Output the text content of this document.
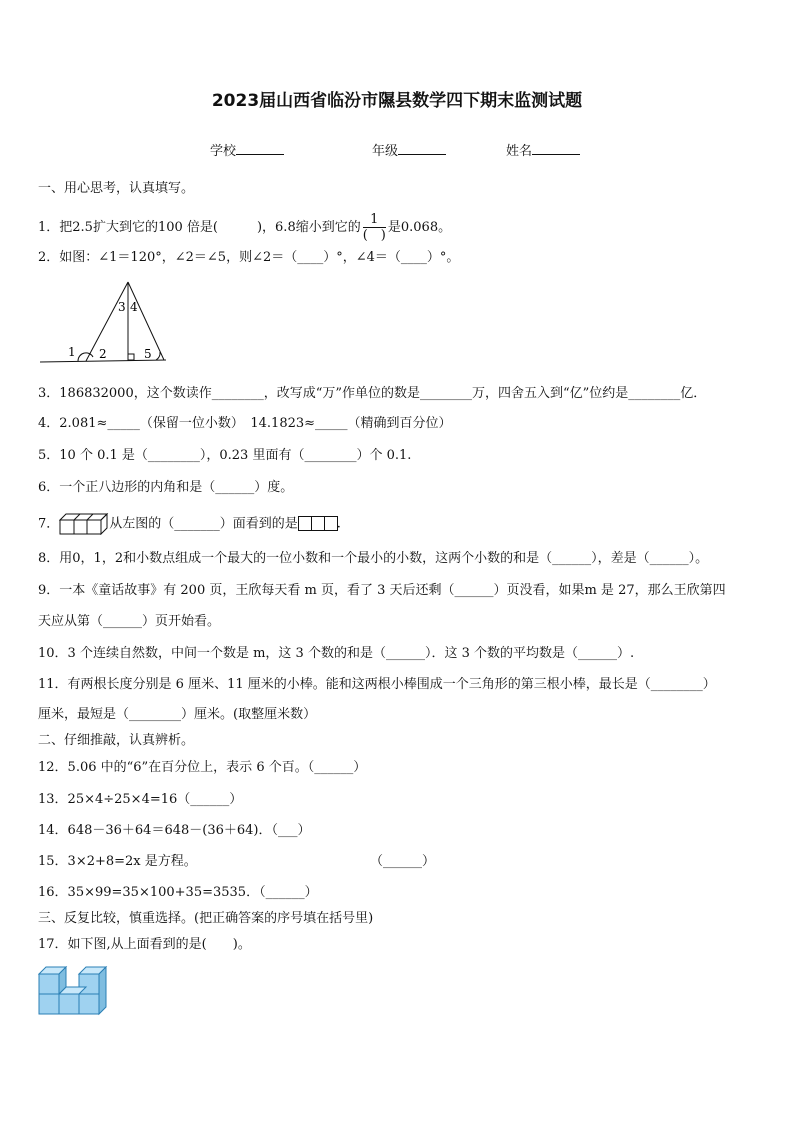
2023届山西省临汾市隰县数学四下期末监测试题
学校	年级	姓名
一、用心思考，认真填写。
1．把2.5扩大到它的100 倍是(　　　)，6.8缩小到它的 $\frac{1}{( )}$ 是0.068。
2．如图：∠1＝120°，∠2＝∠5，则∠2＝（____）°，∠4＝（____）°。
1 2
3 4
5
3．186832000，这个数读作________，改写成“万”作单位的数是________万，四舍五入到“亿”位约是________亿．
4．2.081≈_____（保留一位小数）　14.1823≈_____（精确到百分位）
5．10 个 0.1 是（________），0.23 里面有（________）个 0.1.
6．一个正八边形的内角和是（______）度。
7．	从左图的（_______）面看到的是	.
8．用0，1，2和小数点组成一个最大的一位小数和一个最小的小数，这两个小数的和是（______），差是（______）。
9．一本《童话故事》有 200 页，王欣每天看 m 页，看了 3 天后还剩（______）页没看，如果m 是 27，那么王欣第四
天应从第（______）页开始看。
10．3 个连续自然数，中间一个数是 m，这 3 个数的和是（______）．这 3 个数的平均数是（______）.
11．有两根长度分别是 6 厘米、11 厘米的小棒。能和这两根小棒围成一个三角形的第三根小棒，最长是（________）
厘米，最短是（________）厘米。(取整厘米数）
二、仔细推敲，认真辨析。
12．5.06 中的“6”在百分位上，表示 6 个百。（______）
13．25×4÷25×4=16（______）
14．648－36＋64＝648－(36＋64)．（___）
15．3×2+8=2x 是方程。	（______）
16．35×99=35×100+35=3535．（______）
三、反复比较，慎重选择。(把正确答案的序号填在括号里)
17．如下图,从上面看到的是(　　)。
